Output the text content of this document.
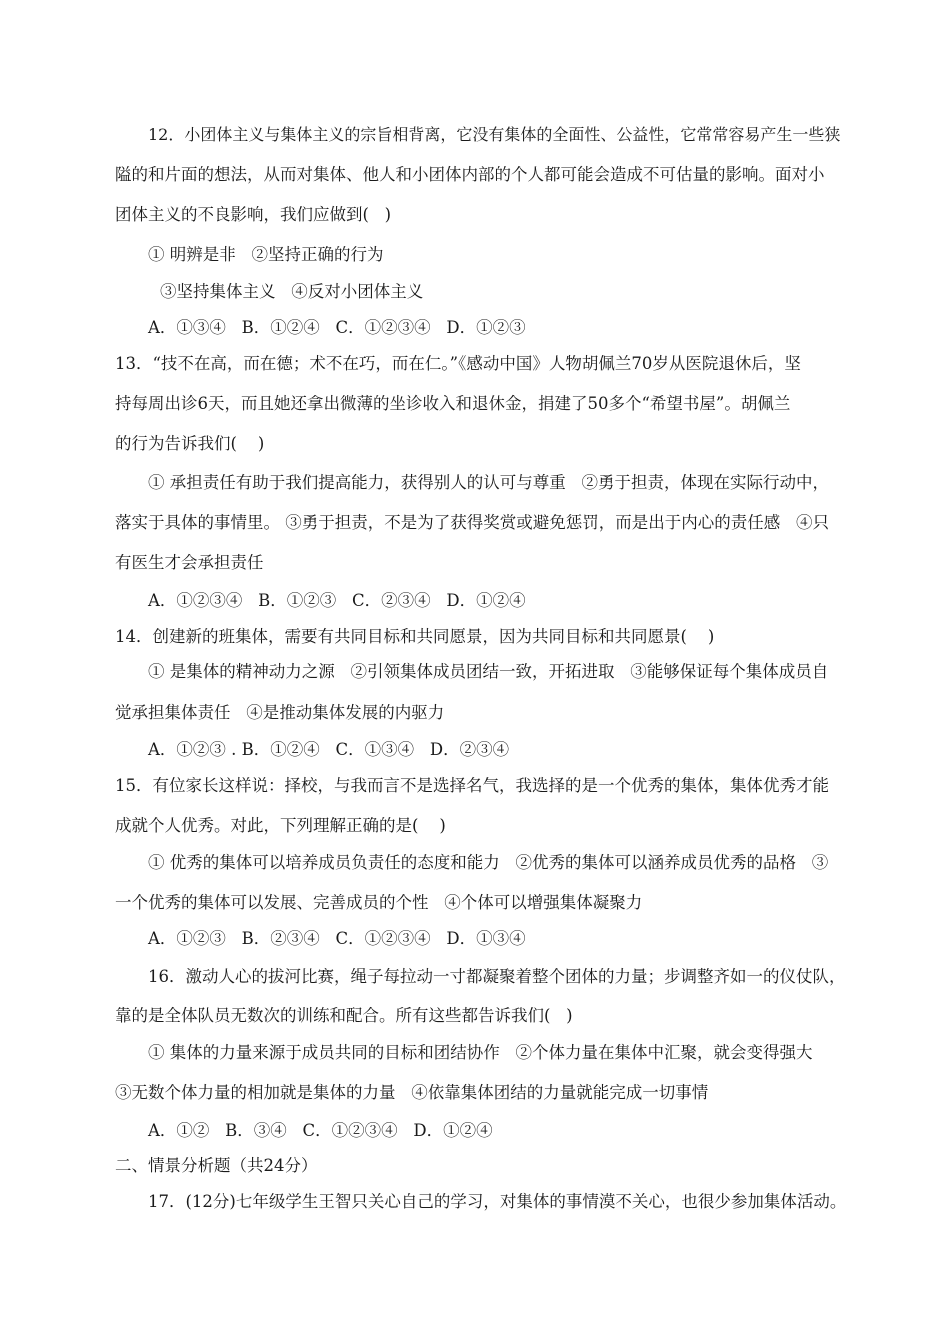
12．小团体主义与集体主义的宗旨相背离，它没有集体的全面性、公益性，它常常容易产生一些狭
隘的和片面的想法，从而对集体、他人和小团体内部的个人都可能会造成不可估量的影响。面对小
团体主义的不良影响，我们应做到(   )
① 明辨是非   ②坚持正确的行为
③坚持集体主义   ④反对小团体主义
A．①③④   B．①②④   C．①②③④   D．①②③
13．“技不在高，而在德；术不在巧，而在仁。”《感动中国》人物胡佩兰70岁从医院退休后，坚
持每周出诊6天，而且她还拿出微薄的坐诊收入和退休金，捐建了50多个“希望书屋”。胡佩兰
的行为告诉我们(    )
① 承担责任有助于我们提高能力，获得别人的认可与尊重   ②勇于担责，体现在实际行动中，
落实于具体的事情里。 ③勇于担责，不是为了获得奖赏或避免惩罚，而是出于内心的责任感   ④只
有医生才会承担责任
A．①②③④   B．①②③   C．②③④   D．①②④
14．创建新的班集体，需要有共同目标和共同愿景，因为共同目标和共同愿景(    )
① 是集体的精神动力之源   ②引领集体成员团结一致，开拓进取   ③能够保证每个集体成员自
觉承担集体责任   ④是推动集体发展的内驱力
A．①②③ . B．①②④   C．①③④   D．②③④
15．有位家长这样说：择校，与我而言不是选择名气，我选择的是一个优秀的集体，集体优秀才能
成就个人优秀。对此，下列理解正确的是(    )
① 优秀的集体可以培养成员负责任的态度和能力   ②优秀的集体可以涵养成员优秀的品格   ③
一个优秀的集体可以发展、完善成员的个性   ④个体可以增强集体凝聚力
A．①②③   B．②③④   C．①②③④   D．①③④
16．激动人心的拔河比赛，绳子每拉动一寸都凝聚着整个团体的力量；步调整齐如一的仪仗队，
靠的是全体队员无数次的训练和配合。所有这些都告诉我们(   )
① 集体的力量来源于成员共同的目标和团结协作   ②个体力量在集体中汇聚，就会变得强大
③无数个体力量的相加就是集体的力量   ④依靠集体团结的力量就能完成一切事情
A．①②   B．③④   C．①②③④   D．①②④
二、情景分析题（共24分）
17．(12分)七年级学生王智只关心自己的学习，对集体的事情漠不关心，也很少参加集体活动。
